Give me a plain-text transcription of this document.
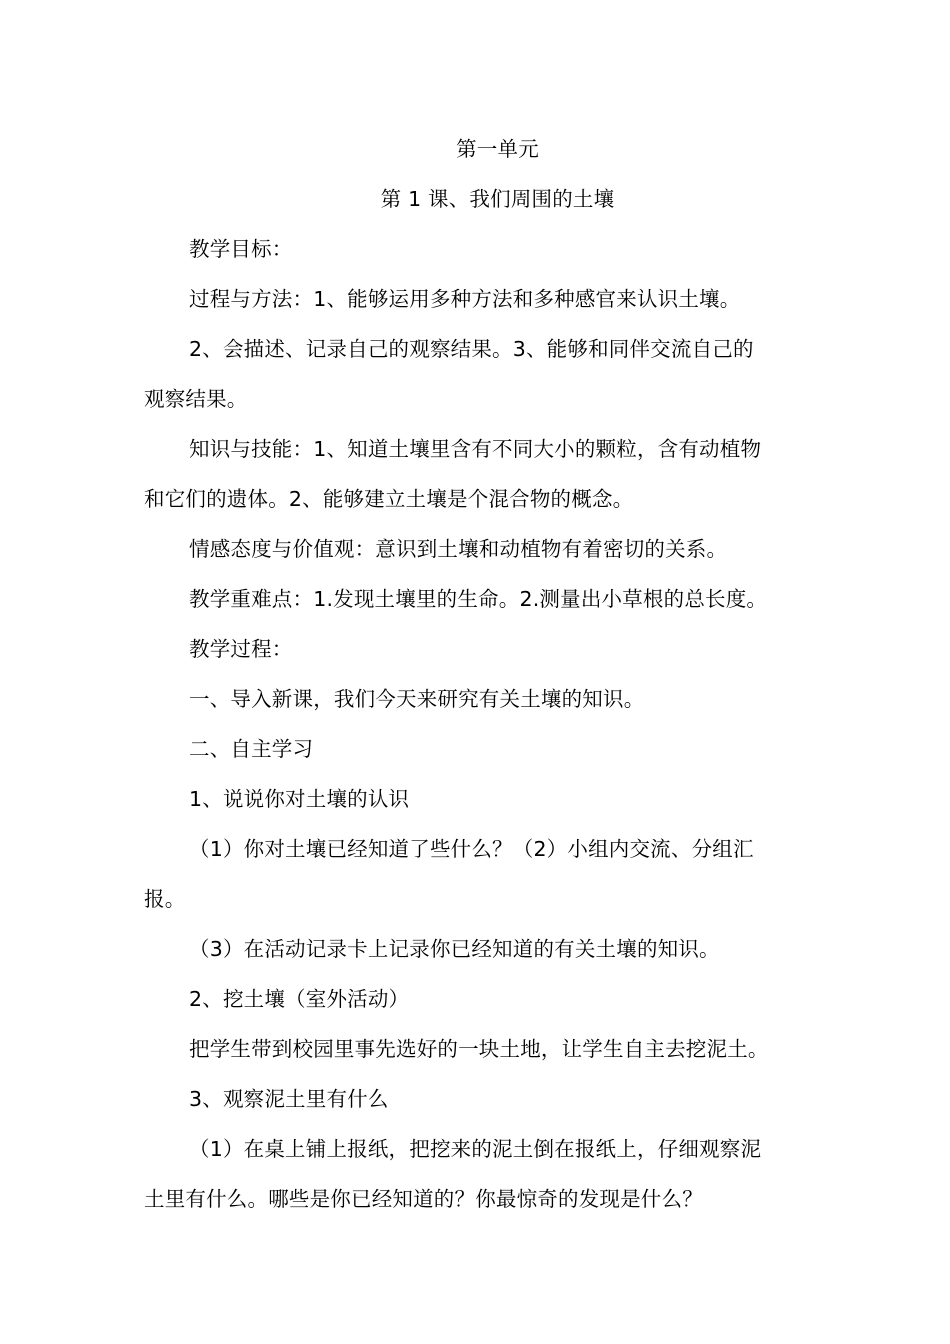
第一单元
第 1 课、我们周围的土壤
教学目标：
过程与方法：1、能够运用多种方法和多种感官来认识土壤。
2、会描述、记录自己的观察结果。3、能够和同伴交流自己的
观察结果。
知识与技能：1、知道土壤里含有不同大小的颗粒，含有动植物
和它们的遗体。2、能够建立土壤是个混合物的概念。
情感态度与价值观：意识到土壤和动植物有着密切的关系。
教学重难点：1.发现土壤里的生命。2.测量出小草根的总长度。
教学过程：
一、导入新课，我们今天来研究有关土壤的知识。
二、自主学习
1、说说你对土壤的认识
（1）你对土壤已经知道了些什么？（2）小组内交流、分组汇
报。
（3）在活动记录卡上记录你已经知道的有关土壤的知识。
2、挖土壤（室外活动）
把学生带到校园里事先选好的一块土地，让学生自主去挖泥土。
3、观察泥土里有什么
（1）在桌上铺上报纸，把挖来的泥土倒在报纸上，仔细观察泥
土里有什么。哪些是你已经知道的？你最惊奇的发现是什么？
